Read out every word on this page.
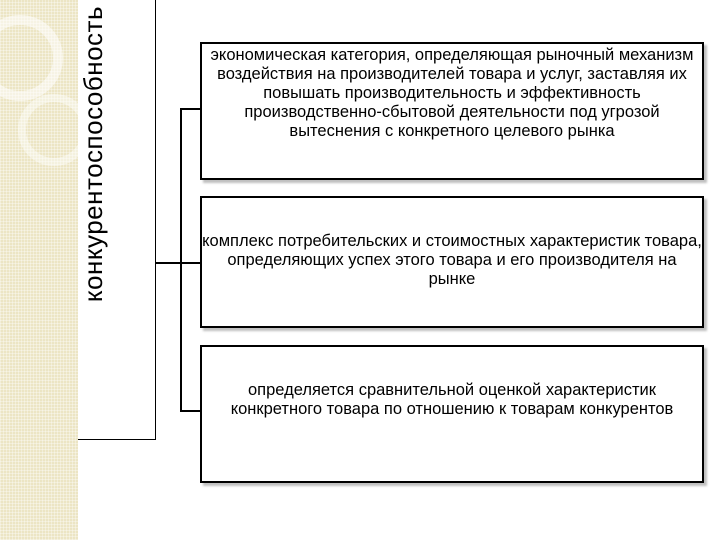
конкурентоспособность	экономическая категория, определяющая рыночный механизм воздействия на производителей товара и услуг, заставляя их повышать производительность и эффективность производственно-сбытовой деятельности под угрозой вытеснения с конкретного целевого рынка
комплекс потребительских и стоимостных характеристик товара, определяющих успех этого товара и его производителя на рынке
определяется сравнительной оценкой характеристик конкретного товара по отношению к товарам конкурентов
